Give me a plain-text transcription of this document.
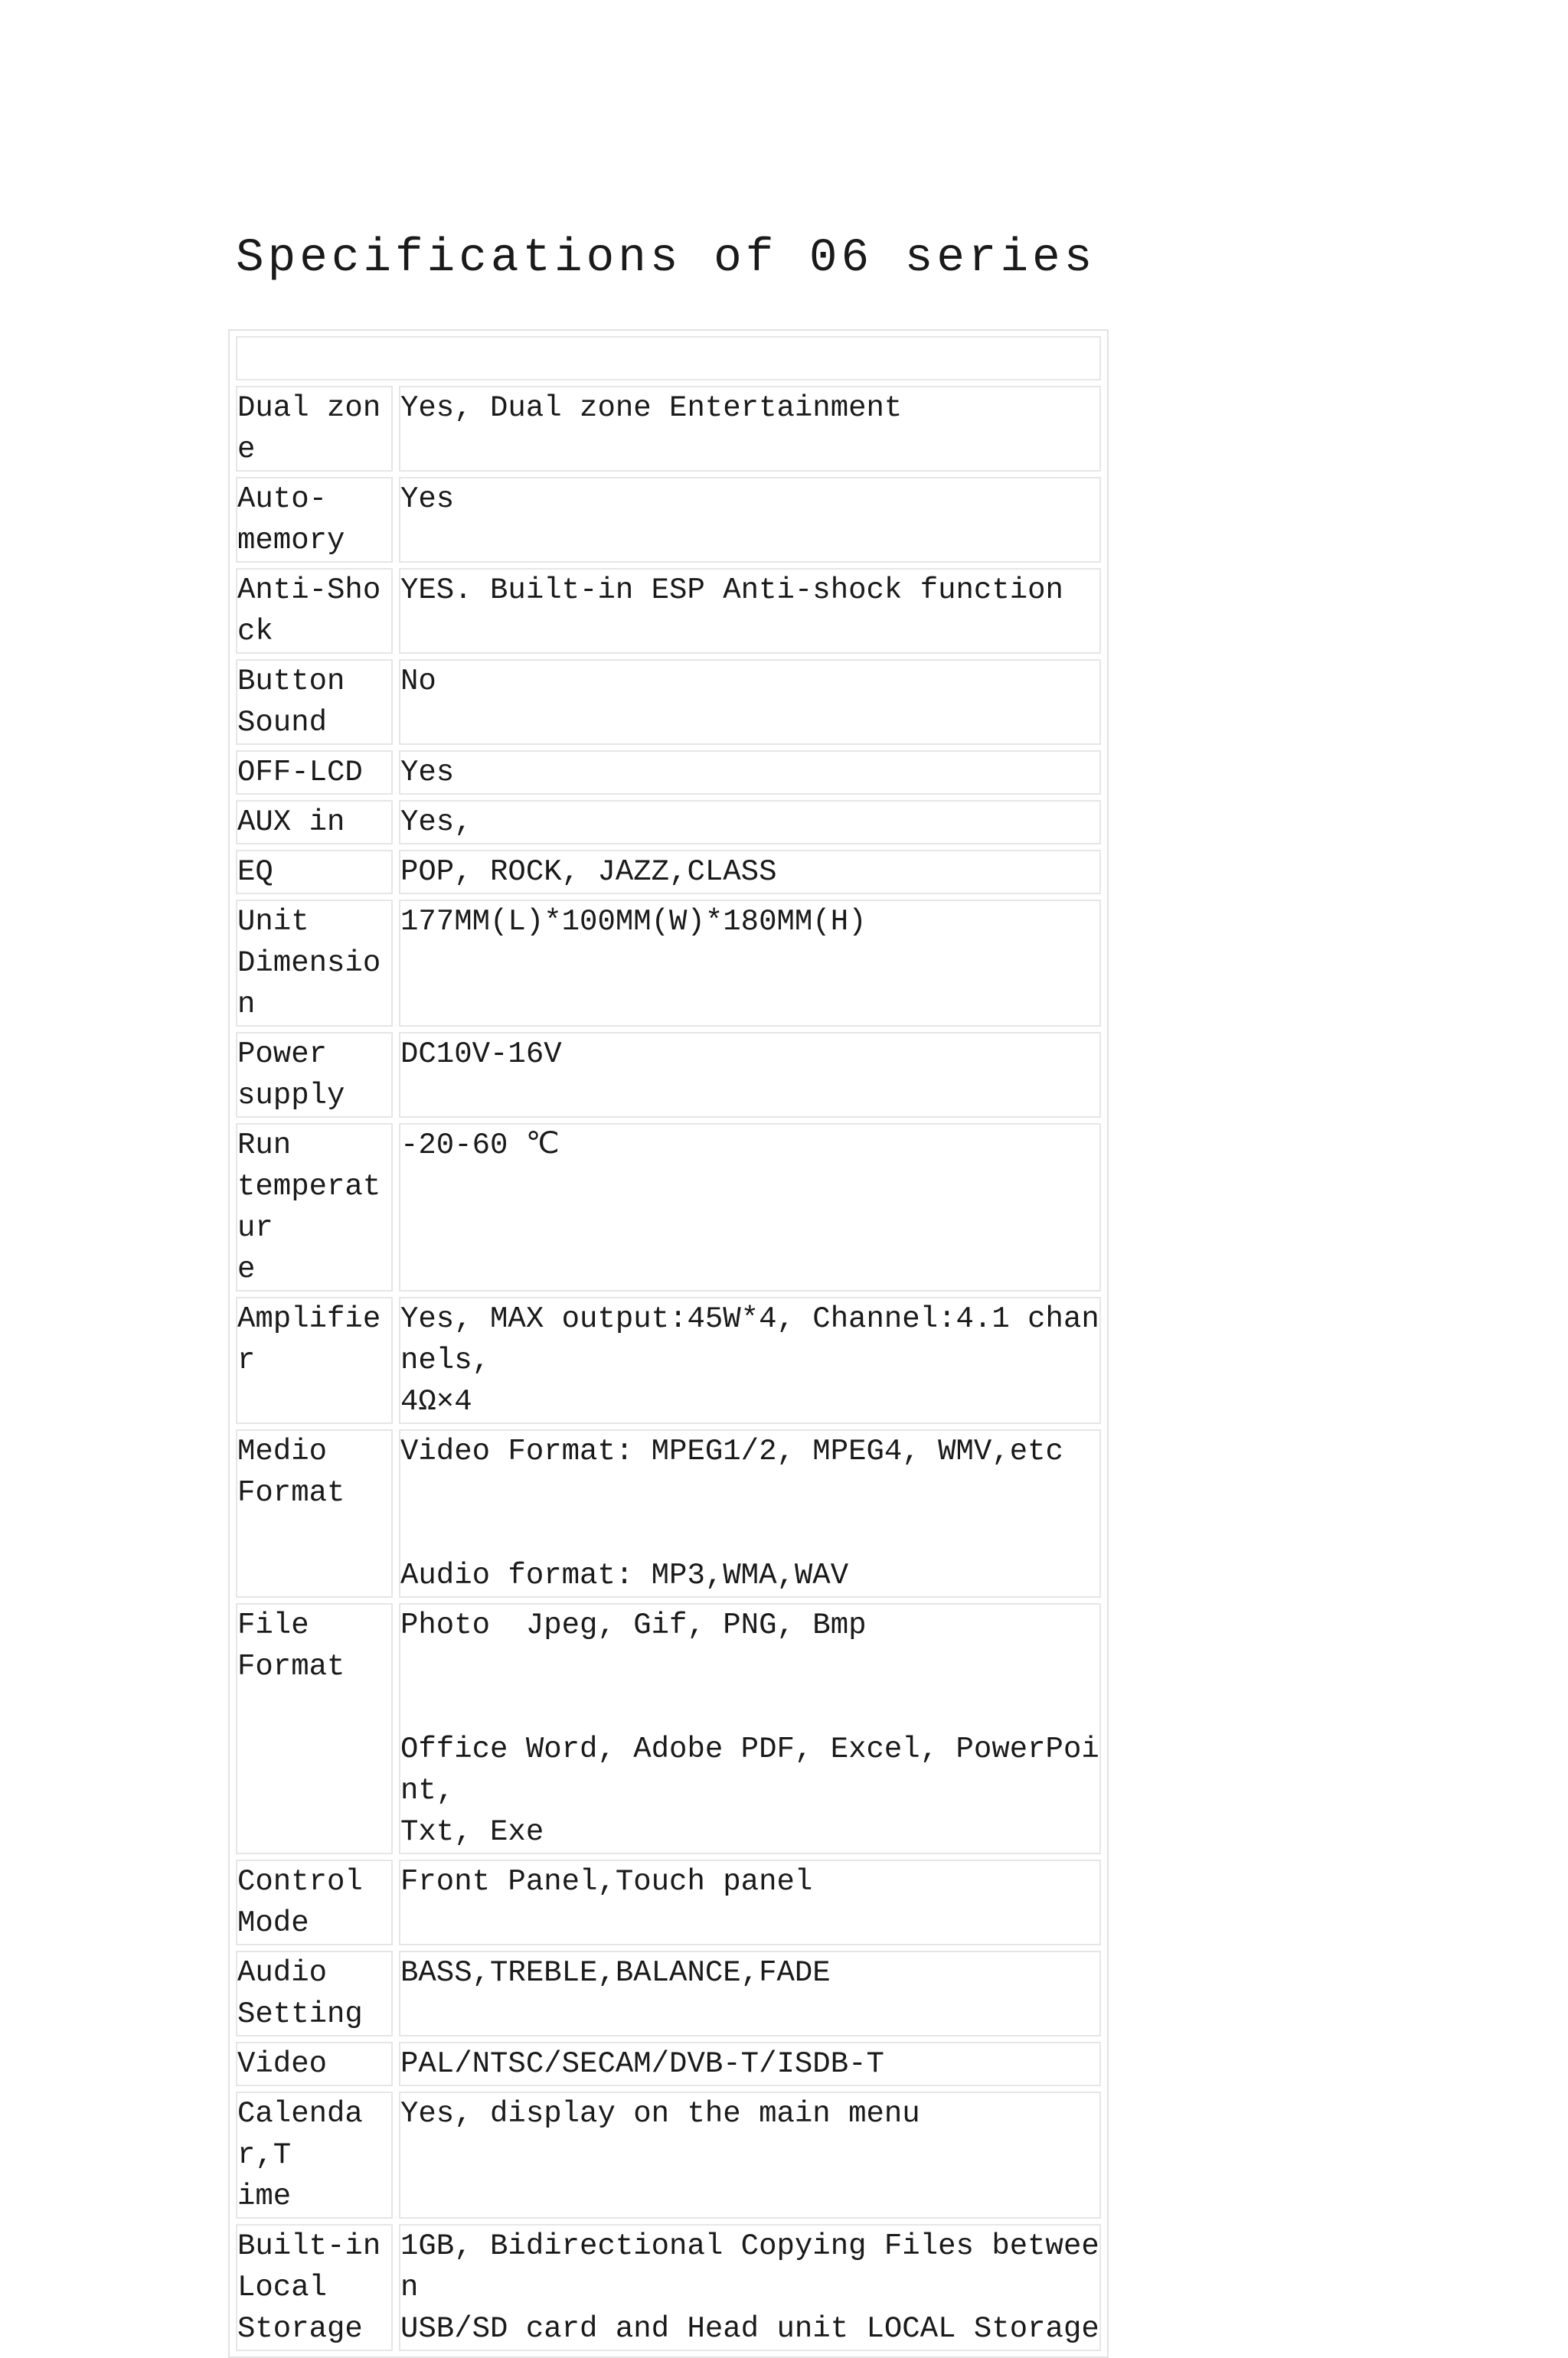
Specifications of 06 series

Dual zone	Yes, Dual zone Entertainment
Auto-
memory	Yes
Anti-Shock	YES. Built-in ESP Anti-shock function
Button
Sound	No
OFF-LCD	Yes
AUX in	Yes,
EQ	POP, ROCK, JAZZ,CLASS
Unit
Dimension	177MM(L)*100MM(W)*180MM(H)
Power
supply	DC10V-16V
Run
temperatur
e	-20-60 ℃
Amplifier	Yes, MAX output:45W*4, Channel:4.1 channels,
4Ω×4
Medio
Format	Video Format: MPEG1/2, MPEG4, WMV,etc

Audio format: MP3,WMA,WAV
File
Format	Photo  Jpeg, Gif, PNG, Bmp

Office Word, Adobe PDF, Excel, PowerPoint,
Txt, Exe
Control
Mode	Front Panel,Touch panel
Audio
Setting	BASS,TREBLE,BALANCE,FADE
Video	PAL/NTSC/SECAM/DVB-T/ISDB-T
Calendar,T
ime	Yes, display on the main menu
Built-in
Local
Storage	1GB, Bidirectional Copying Files between
USB/SD card and Head unit LOCAL Storage
